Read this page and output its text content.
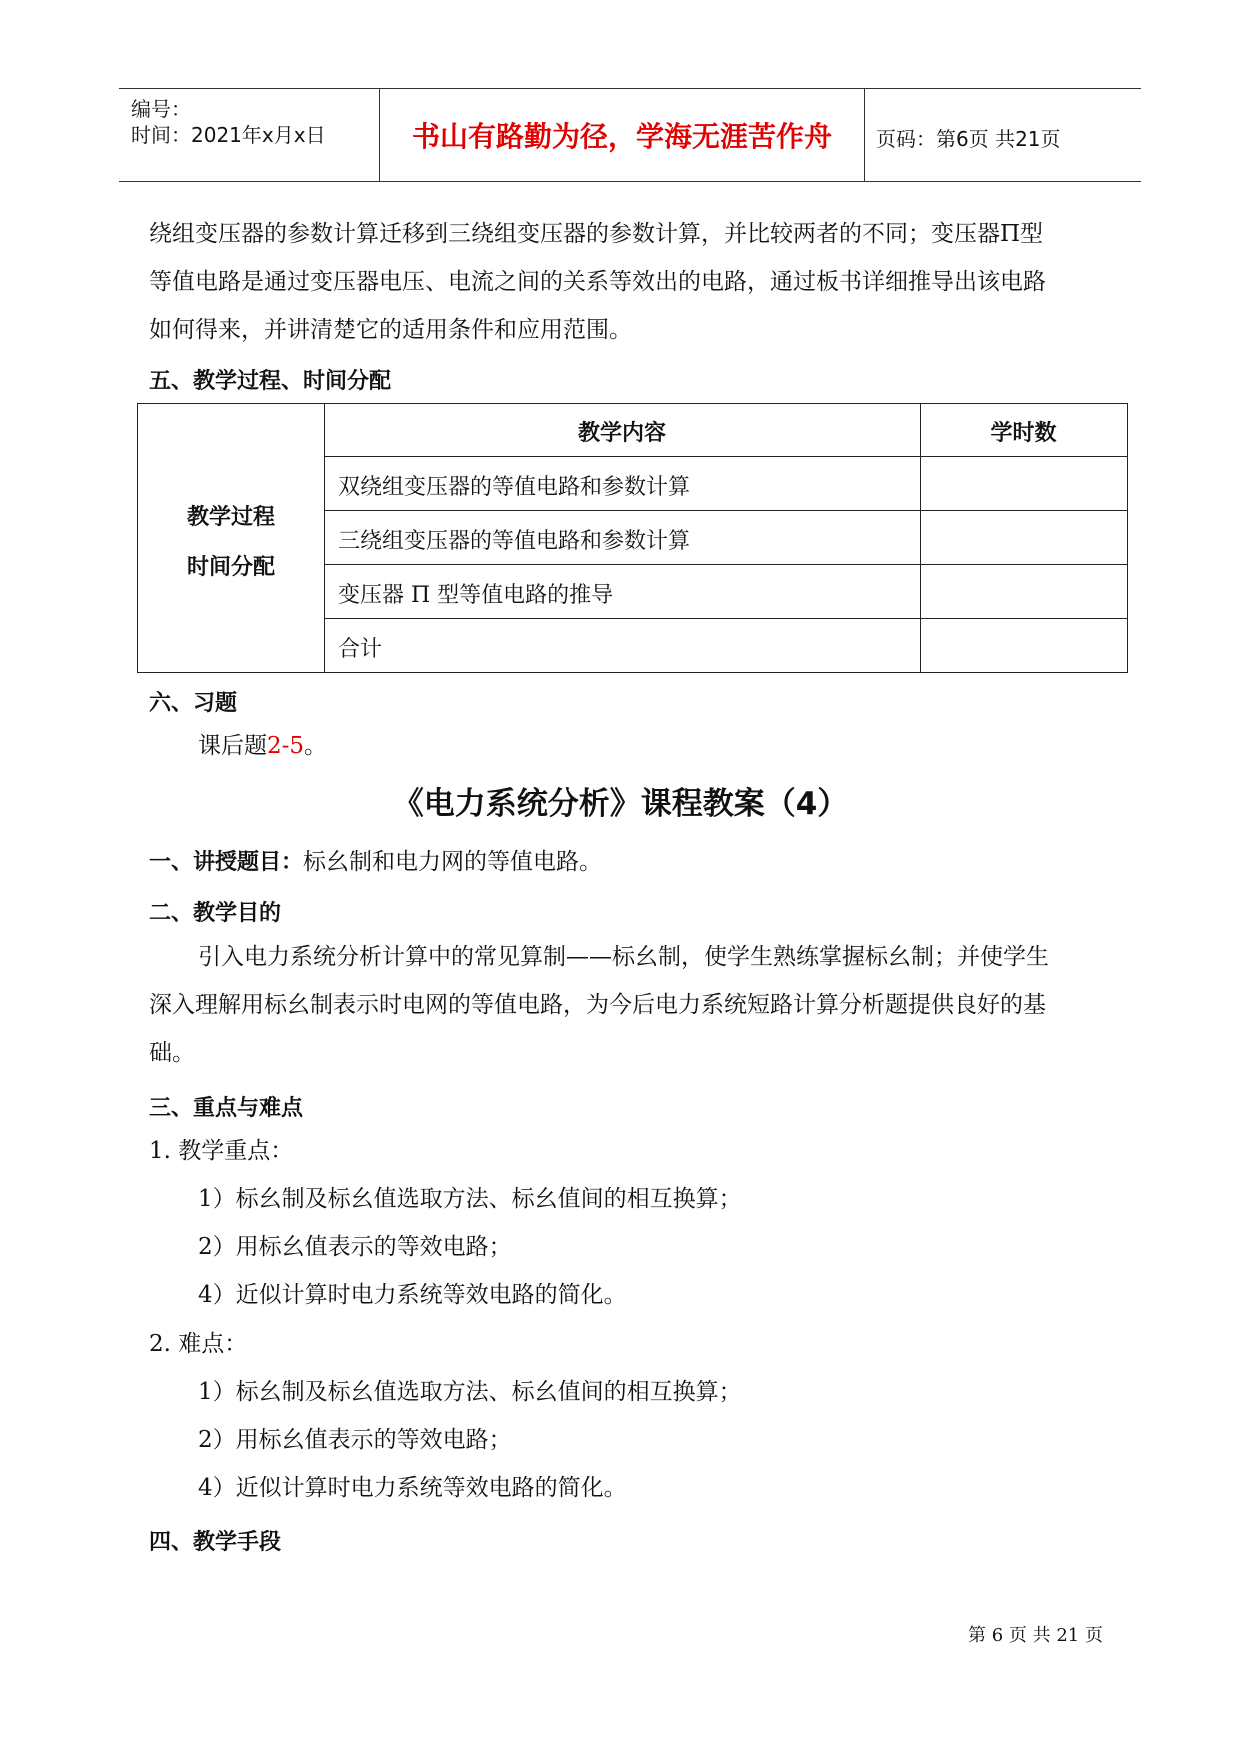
编号：
时间：2021年x月x日	书山有路勤为径，学海无涯苦作舟	页码：第6页 共21页
绕组变压器的参数计算迁移到三绕组变压器的参数计算，并比较两者的不同；变压器Π型
等值电路是通过变压器电压、电流之间的关系等效出的电路，通过板书详细推导出该电路
如何得来，并讲清楚它的适用条件和应用范围。
五、教学过程、时间分配
教学过程
时间分配
教学内容	学时数
双绕组变压器的等值电路和参数计算
三绕组变压器的等值电路和参数计算
变压器 Π 型等值电路的推导
合计
六、习题
课后题2-5。
《电力系统分析》课程教案（4）
一、讲授题目：标幺制和电力网的等值电路。
二、教学目的
引入电力系统分析计算中的常见算制——标幺制，使学生熟练掌握标幺制；并使学生
深入理解用标幺制表示时电网的等值电路，为今后电力系统短路计算分析题提供良好的基
础。
三、重点与难点
1. 教学重点：
1）标幺制及标幺值选取方法、标幺值间的相互换算；
2）用标幺值表示的等效电路；
4）近似计算时电力系统等效电路的简化。
2. 难点：
1）标幺制及标幺值选取方法、标幺值间的相互换算；
2）用标幺值表示的等效电路；
4）近似计算时电力系统等效电路的简化。
四、教学手段
第 6 页 共 21 页
